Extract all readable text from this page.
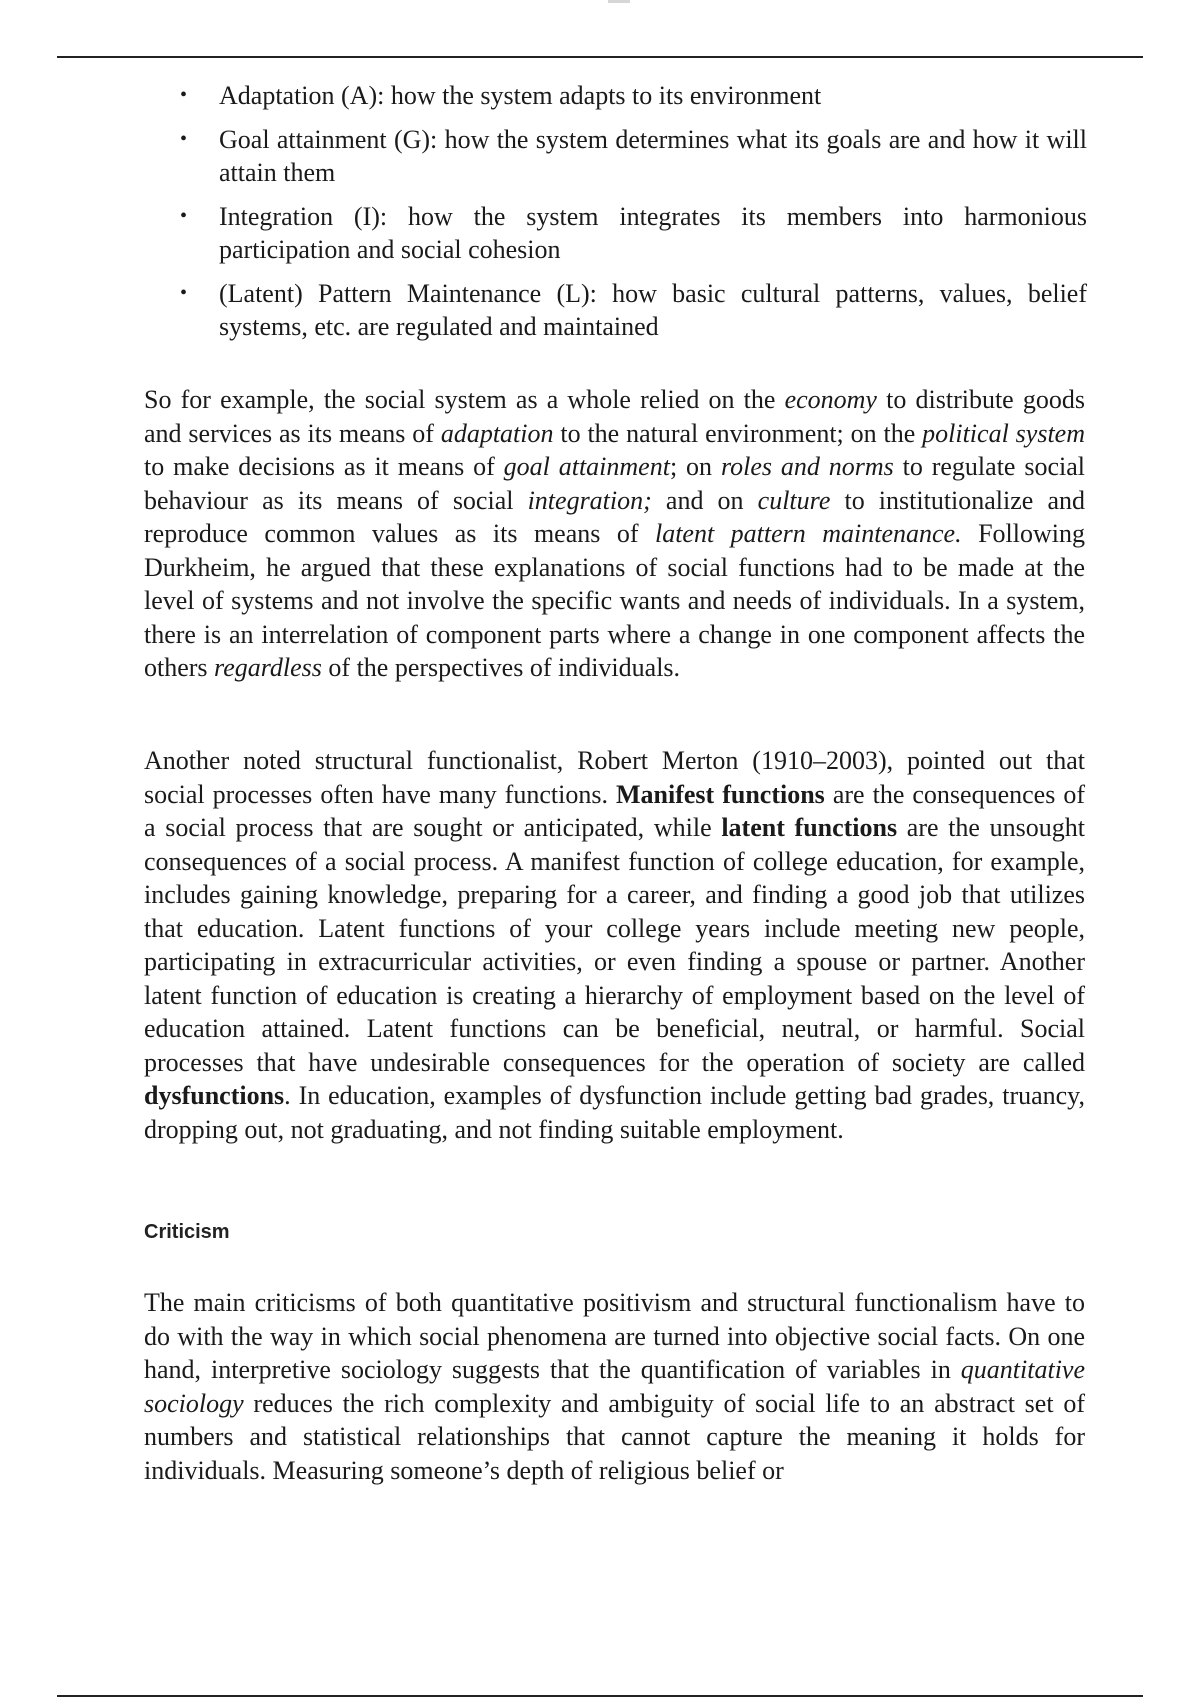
• Adaptation (A): how the system adapts to its environment
• Goal attainment (G): how the system determines what its goals are and how it will attain them
• Integration (I): how the system integrates its members into harmonious participation and social cohesion
• (Latent) Pattern Maintenance (L): how basic cultural patterns, values, belief systems, etc. are regulated and maintained

So for example, the social system as a whole relied on the economy to distribute goods and services as its means of adaptation to the natural environment; on the political system to make decisions as it means of goal attainment; on roles and norms to regulate social behaviour as its means of social integration; and on culture to institutionalize and reproduce common values as its means of latent pattern maintenance. Following Durkheim, he argued that these explanations of social functions had to be made at the level of systems and not involve the specific wants and needs of individuals. In a system, there is an interrelation of component parts where a change in one component affects the others regardless of the perspectives of individuals.

Another noted structural functionalist, Robert Merton (1910–2003), pointed out that social processes often have many functions. Manifest functions are the consequences of a social process that are sought or anticipated, while latent functions are the unsought consequences of a social process. A manifest function of college education, for example, includes gaining knowledge, preparing for a career, and finding a good job that utilizes that education. Latent functions of your college years include meeting new people, participating in extracurricular activities, or even finding a spouse or partner. Another latent function of education is creating a hierarchy of employment based on the level of education attained. Latent functions can be beneficial, neutral, or harmful. Social processes that have undesirable consequences for the operation of society are called dysfunctions. In education, examples of dysfunction include getting bad grades, truancy, dropping out, not graduating, and not finding suitable employment.

Criticism

The main criticisms of both quantitative positivism and structural functionalism have to do with the way in which social phenomena are turned into objective social facts. On one hand, interpretive sociology suggests that the quantification of variables in quantitative sociology reduces the rich complexity and ambiguity of social life to an abstract set of numbers and statistical relationships that cannot capture the meaning it holds for individuals. Measuring someone’s depth of religious belief or
